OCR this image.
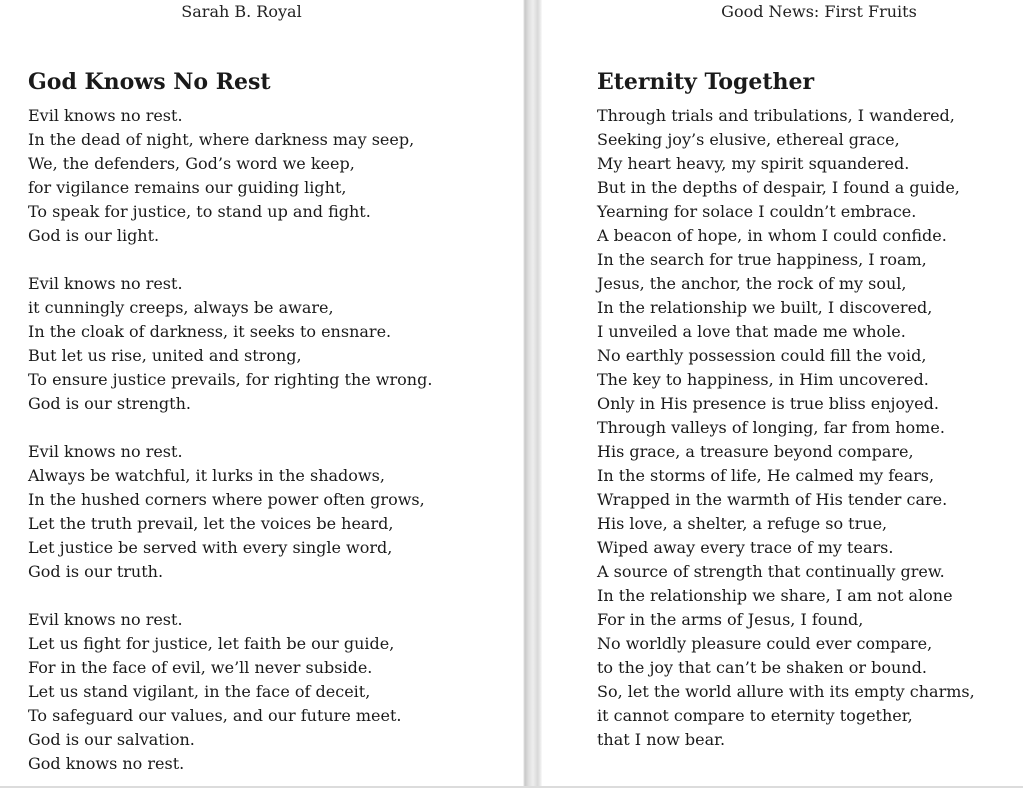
Sarah B. Royal
God Knows No Rest

Evil knows no rest.
In the dead of night, where darkness may seep,
We, the defenders, God’s word we keep,
for vigilance remains our guiding light,
To speak for justice, to stand up and fight.
God is our light.

Evil knows no rest.
it cunningly creeps, always be aware,
In the cloak of darkness, it seeks to ensnare.
But let us rise, united and strong,
To ensure justice prevails, for righting the wrong.
God is our strength.

Evil knows no rest.
Always be watchful, it lurks in the shadows,
In the hushed corners where power often grows,
Let the truth prevail, let the voices be heard,
Let justice be served with every single word,
God is our truth.

Evil knows no rest.
Let us fight for justice, let faith be our guide,
For in the face of evil, we’ll never subside.
Let us stand vigilant, in the face of deceit,
To safeguard our values, and our future meet.
God is our salvation.
God knows no rest.

Good News: First Fruits
Eternity Together

Through trials and tribulations, I wandered,
Seeking joy’s elusive, ethereal grace,
My heart heavy, my spirit squandered.
But in the depths of despair, I found a guide,
Yearning for solace I couldn’t embrace.
A beacon of hope, in whom I could confide.
In the search for true happiness, I roam,
Jesus, the anchor, the rock of my soul,
In the relationship we built, I discovered,
I unveiled a love that made me whole.
No earthly possession could fill the void,
The key to happiness, in Him uncovered.
Only in His presence is true bliss enjoyed.
Through valleys of longing, far from home.
His grace, a treasure beyond compare,
In the storms of life, He calmed my fears,
Wrapped in the warmth of His tender care.
His love, a shelter, a refuge so true,
Wiped away every trace of my tears.
A source of strength that continually grew.
In the relationship we share, I am not alone
For in the arms of Jesus, I found,
No worldly pleasure could ever compare,
to the joy that can’t be shaken or bound.
So, let the world allure with its empty charms,
it cannot compare to eternity together,
that I now bear.
